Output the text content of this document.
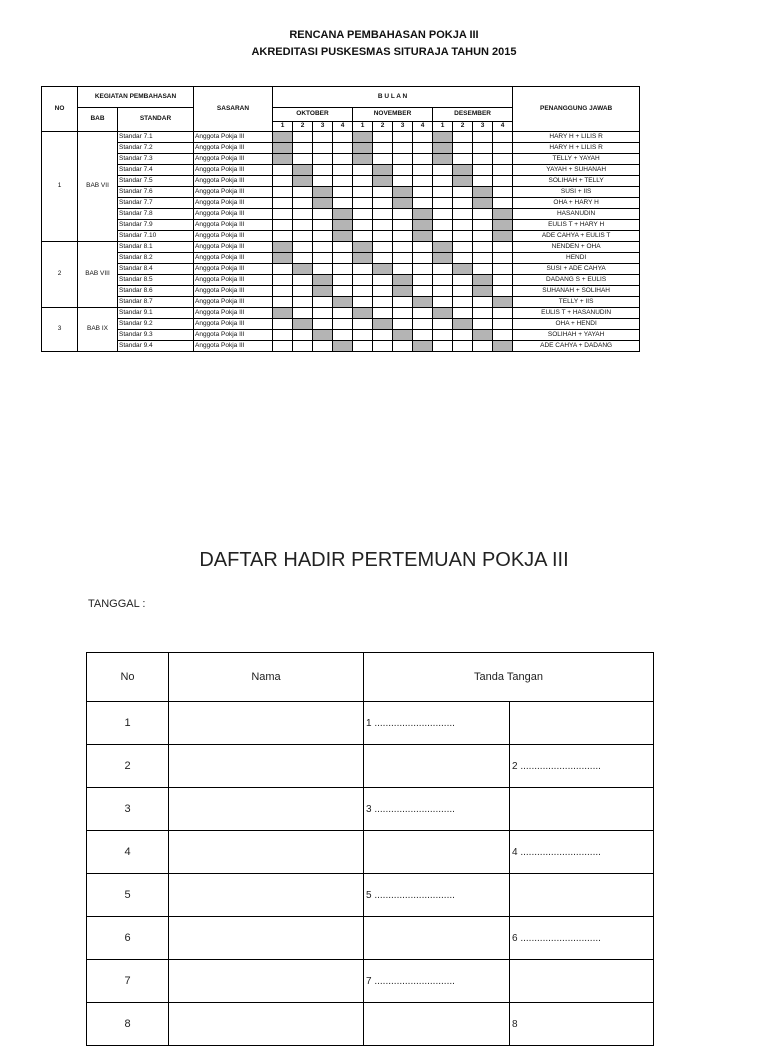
RENCANA PEMBAHASAN POKJA III
AKREDITASI PUSKESMAS SITURAJA TAHUN 2015
NO	KEGIATAN PEMBAHASAN		SASARAN	B U L A N												PENANGGUNG JAWAB
	BAB	STANDAR		OKTOBER				NOVEMBER				DESEMBER				
				1	2	3	4	1	2	3	4	1	2	3	4	
1	BAB VII	Standar 7.1	Anggota Pokja III													HARY H + LILIS R
		Standar 7.2	Anggota Pokja III													HARY H + LILIS R
		Standar 7.3	Anggota Pokja III													TELLY + YAYAH
		Standar 7.4	Anggota Pokja III													YAYAH + SUHANAH
		Standar 7.5	Anggota Pokja III													SOLIHAH + TELLY
		Standar 7.6	Anggota Pokja III													SUSI + IIS
		Standar 7.7	Anggota Pokja III													OHA + HARY H
		Standar 7.8	Anggota Pokja III													HASANUDIN
		Standar 7.9	Anggota Pokja III													EULIS T + HARY H
		Standar 7.10	Anggota Pokja III													ADE CAHYA + EULIS T
2	BAB VIII	Standar 8.1	Anggota Pokja III													NENDEN + OHA
		Standar 8.2	Anggota Pokja III													HENDI
		Standar 8.4	Anggota Pokja III													SUSI + ADE CAHYA
		Standar 8.5	Anggota Pokja III													DADANG S + EULIS
		Standar 8.6	Anggota Pokja III													SUHANAH + SOLIHAH
		Standar 8.7	Anggota Pokja III													TELLY + IIS
3	BAB IX	Standar 9.1	Anggota Pokja III													EULIS T + HASANUDIN
		Standar 9.2	Anggota Pokja III													OHA + HENDI
		Standar 9.3	Anggota Pokja III													SOLIHAH + YAYAH
		Standar 9.4	Anggota Pokja III													ADE CAHYA + DADANG
DAFTAR HADIR PERTEMUAN POKJA III
TANGGAL :
No	Nama	Tanda Tangan	
1		1 .............................	
2			2 .............................
3		3 .............................	
4			4 .............................
5		5 .............................	
6			6 .............................
7		7 .............................	
8			8
